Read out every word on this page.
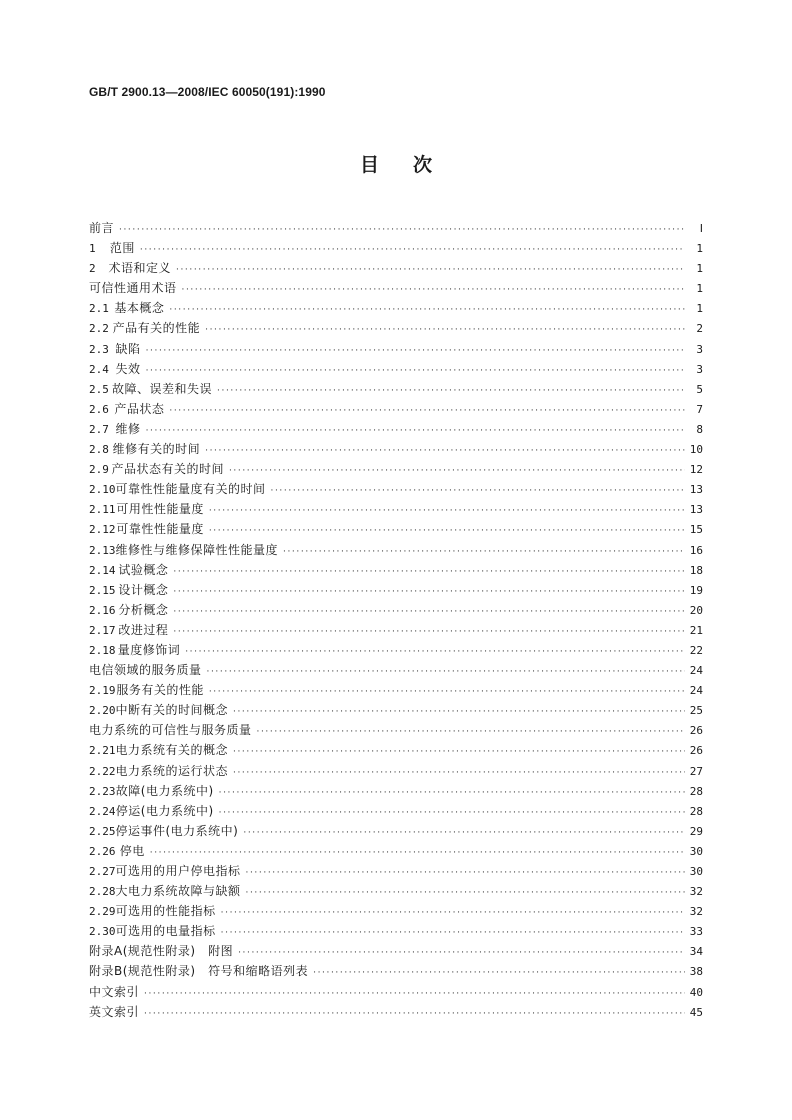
GB/T 2900.13—2008/IEC 60050(191):1990
目次
前言 ·····	Ⅰ
1	范围 ·····	1
2	术语和定义 ·····	1
可信性通用术语 ·····	1
2.1 基本概念 ·····	1
2.2 产品有关的性能 ·····	2
2.3 缺陷 ·····	3
2.4 失效 ·····	3
2.5 故障、误差和失误 ·····	5
2.6 产品状态 ·····	7
2.7 维修 ·····	8
2.8 维修有关的时间 ·····	10
2.9 产品状态有关的时间 ·····	12
2.10 可靠性性能量度有关的时间 ·····	13
2.11 可用性性能量度 ·····	13
2.12 可靠性性能量度 ·····	15
2.13 维修性与维修保障性性能量度 ·····	16
2.14 试验概念 ·····	18
2.15 设计概念 ·····	19
2.16 分析概念 ·····	20
2.17 改进过程 ·····	21
2.18 量度修饰词 ·····	22
电信领域的服务质量 ·····	24
2.19 服务有关的性能 ·····	24
2.20 中断有关的时间概念 ·····	25
电力系统的可信性与服务质量 ·····	26
2.21 电力系统有关的概念 ·····	26
2.22 电力系统的运行状态 ·····	27
2.23 故障(电力系统中) ·····	28
2.24 停运(电力系统中) ·····	28
2.25 停运事件(电力系统中) ·····	29
2.26 停电 ·····	30
2.27 可选用的用户停电指标 ·····	30
2.28 大电力系统故障与缺额 ·····	32
2.29 可选用的性能指标 ·····	32
2.30 可选用的电量指标 ·····	33
附录A(规范性附录)　附图 ·····	34
附录B(规范性附录)　符号和缩略语列表 ·····	38
中文索引 ·····	40
英文索引 ·····	45
